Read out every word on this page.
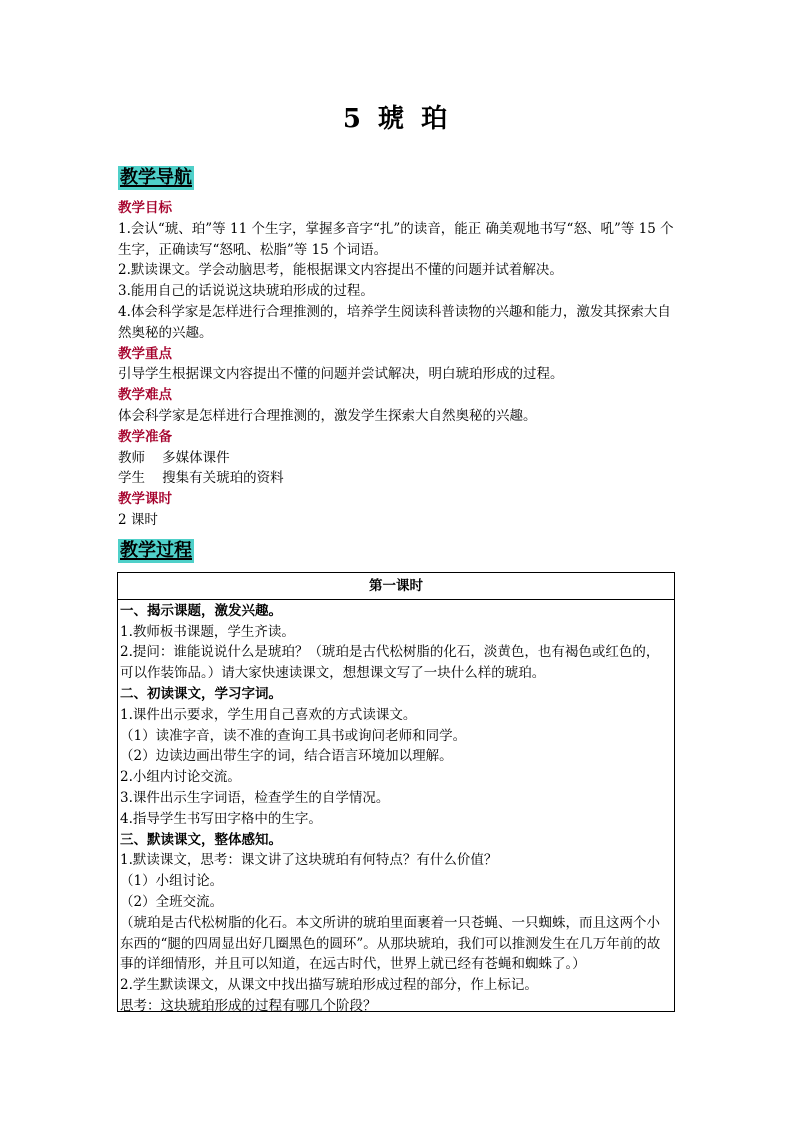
5 琥 珀
教学导航

教学目标

1.会认“琥、珀”等 11 个生字，掌握多音字“扎”的读音，能正 确美观地书写“怒、吼”等 15 个生字，正确读写“怒吼、松脂”等 15 个词语。

2.默读课文。学会动脑思考，能根据课文内容提出不懂的问题并试着解决。

3.能用自己的话说说这块琥珀形成的过程。

4.体会科学家是怎样进行合理推测的，培养学生阅读科普读物的兴趣和能力，激发其探索大自然奥秘的兴趣。

教学重点

引导学生根据课文内容提出不懂的问题并尝试解决，明白琥珀形成的过程。

教学难点

体会科学家是怎样进行合理推测的，激发学生探索大自然奥秘的兴趣。

教学准备

教师    多媒体课件

学生    搜集有关琥珀的资料

教学课时

2 课时

教学过程

第一课时

一、揭示课题，激发兴趣。

1.教师板书课题，学生齐读。

2.提问：谁能说说什么是琥珀？（琥珀是古代松树脂的化石，淡黄色，也有褐色或红色的，可以作装饰品。）请大家快速读课文，想想课文写了一块什么样的琥珀。

二、初读课文，学习字词。

1.课件出示要求，学生用自己喜欢的方式读课文。

（1）读准字音，读不准的查询工具书或询问老师和同学。

（2）边读边画出带生字的词，结合语言环境加以理解。

2.小组内讨论交流。

3.课件出示生字词语，检查学生的自学情况。

4.指导学生书写田字格中的生字。

三、默读课文，整体感知。

1.默读课文，思考：课文讲了这块琥珀有何特点？有什么价值？

（1）小组讨论。

（2）全班交流。

（琥珀是古代松树脂的化石。本文所讲的琥珀里面裹着一只苍蝇、一只蜘蛛，而且这两个小东西的“腿的四周显出好几圈黑色的圆环”。从那块琥珀，我们可以推测发生在几万年前的故事的详细情形，并且可以知道，在远古时代，世界上就已经有苍蝇和蜘蛛了。）

2.学生默读课文，从课文中找出描写琥珀形成过程的部分，作上标记。

思考：这块琥珀形成的过程有哪几个阶段？
